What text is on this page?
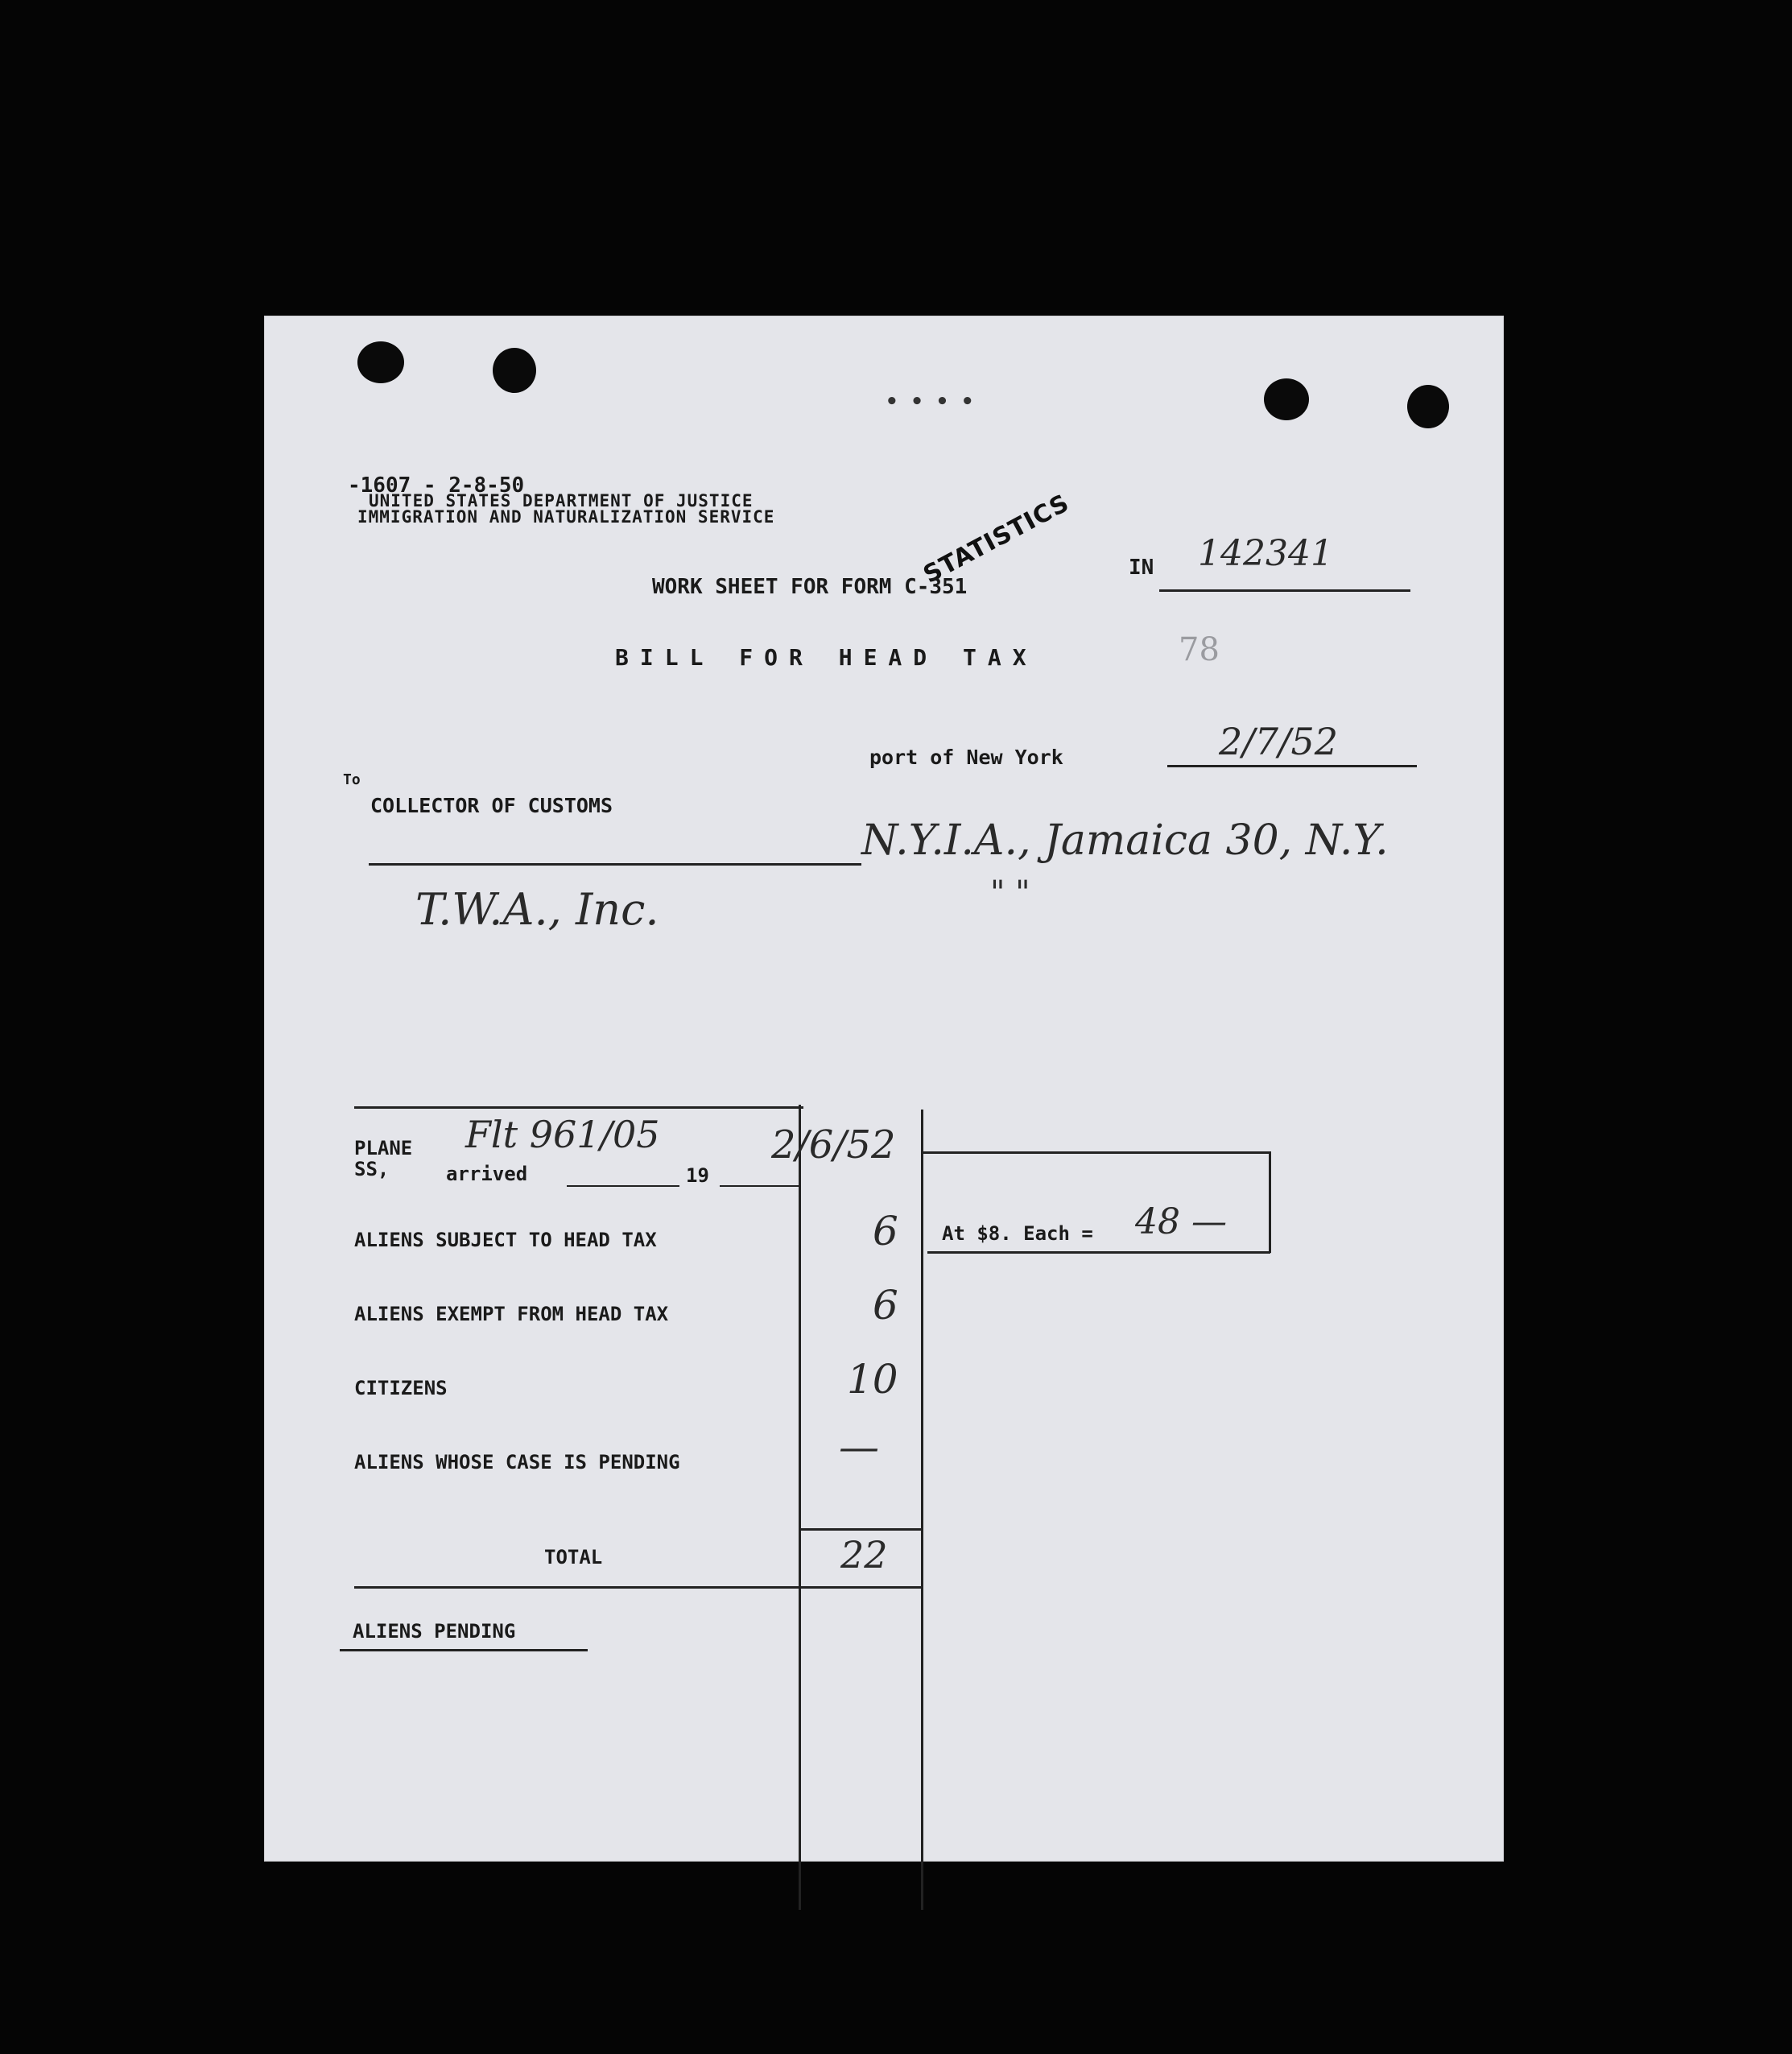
• • • •
-1607 - 2-8-50
UNITED STATES DEPARTMENT OF JUSTICE
IMMIGRATION AND NATURALIZATION SERVICE	STATISTICS
WORK SHEET FOR FORM C-351
IN 142341
BILL FOR HEAD TAX	78
port of New York	2/7/52
To
COLLECTOR OF CUSTOMS
N.Y.I.A., Jamaica 30, N.Y.
" "
T.W.A., Inc.
PLANE
SS,
Flt 961/05
arrived	19
2/6/52
ALIENS SUBJECT TO HEAD TAX	6
ALIENS EXEMPT FROM HEAD TAX	6
CITIZENS	10
ALIENS WHOSE CASE IS PENDING	—
TOTAL	22
At $8. Each = 48 —
ALIENS PENDING
